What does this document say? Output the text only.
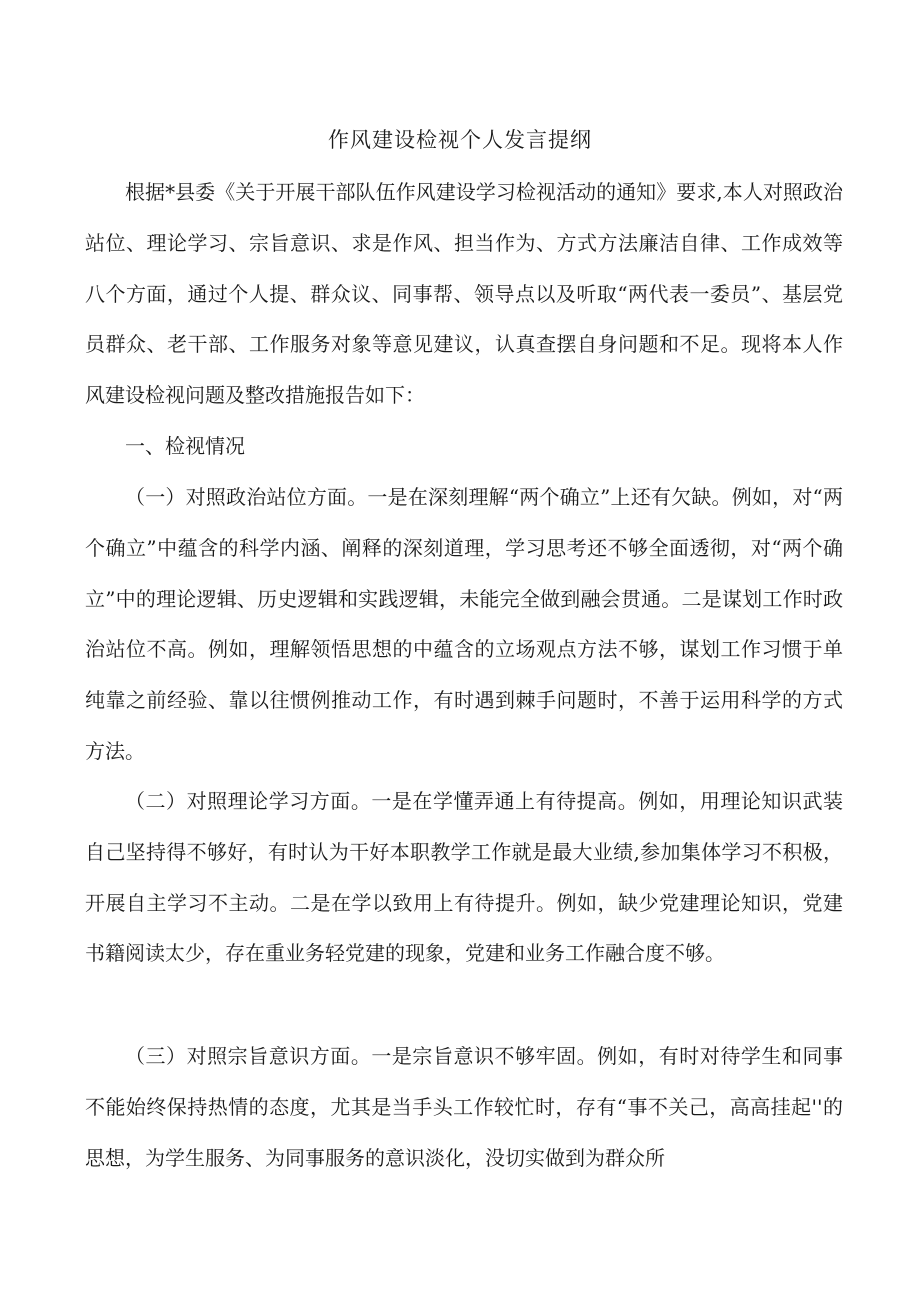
作风建设检视个人发言提纲

根据*县委《关于开展干部队伍作风建设学习检视活动的通知》要求,本人对照政治站位、理论学习、宗旨意识、求是作风、担当作为、方式方法廉洁自律、工作成效等八个方面，通过个人提、群众议、同事帮、领导点以及听取“两代表一委员”、基层党员群众、老干部、工作服务对象等意见建议，认真查摆自身问题和不足。现将本人作风建设检视问题及整改措施报告如下：

一、检视情况

（一）对照政治站位方面。一是在深刻理解“两个确立”上还有欠缺。例如，对“两个确立”中蕴含的科学内涵、阐释的深刻道理，学习思考还不够全面透彻，对“两个确立”中的理论逻辑、历史逻辑和实践逻辑，未能完全做到融会贯通。二是谋划工作时政治站位不高。例如，理解领悟思想的中蕴含的立场观点方法不够，谋划工作习惯于单纯靠之前经验、靠以往惯例推动工作，有时遇到棘手问题时，不善于运用科学的方式方法。

（二）对照理论学习方面。一是在学懂弄通上有待提高。例如，用理论知识武装自己坚持得不够好，有时认为干好本职教学工作就是最大业绩,参加集体学习不积极，开展自主学习不主动。二是在学以致用上有待提升。例如，缺少党建理论知识，党建书籍阅读太少，存在重业务轻党建的现象，党建和业务工作融合度不够。

（三）对照宗旨意识方面。一是宗旨意识不够牢固。例如，有时对待学生和同事不能始终保持热情的态度，尤其是当手头工作较忙时，存有“事不关己，高高挂起''的思想，为学生服务、为同事服务的意识淡化，没切实做到为群众所
